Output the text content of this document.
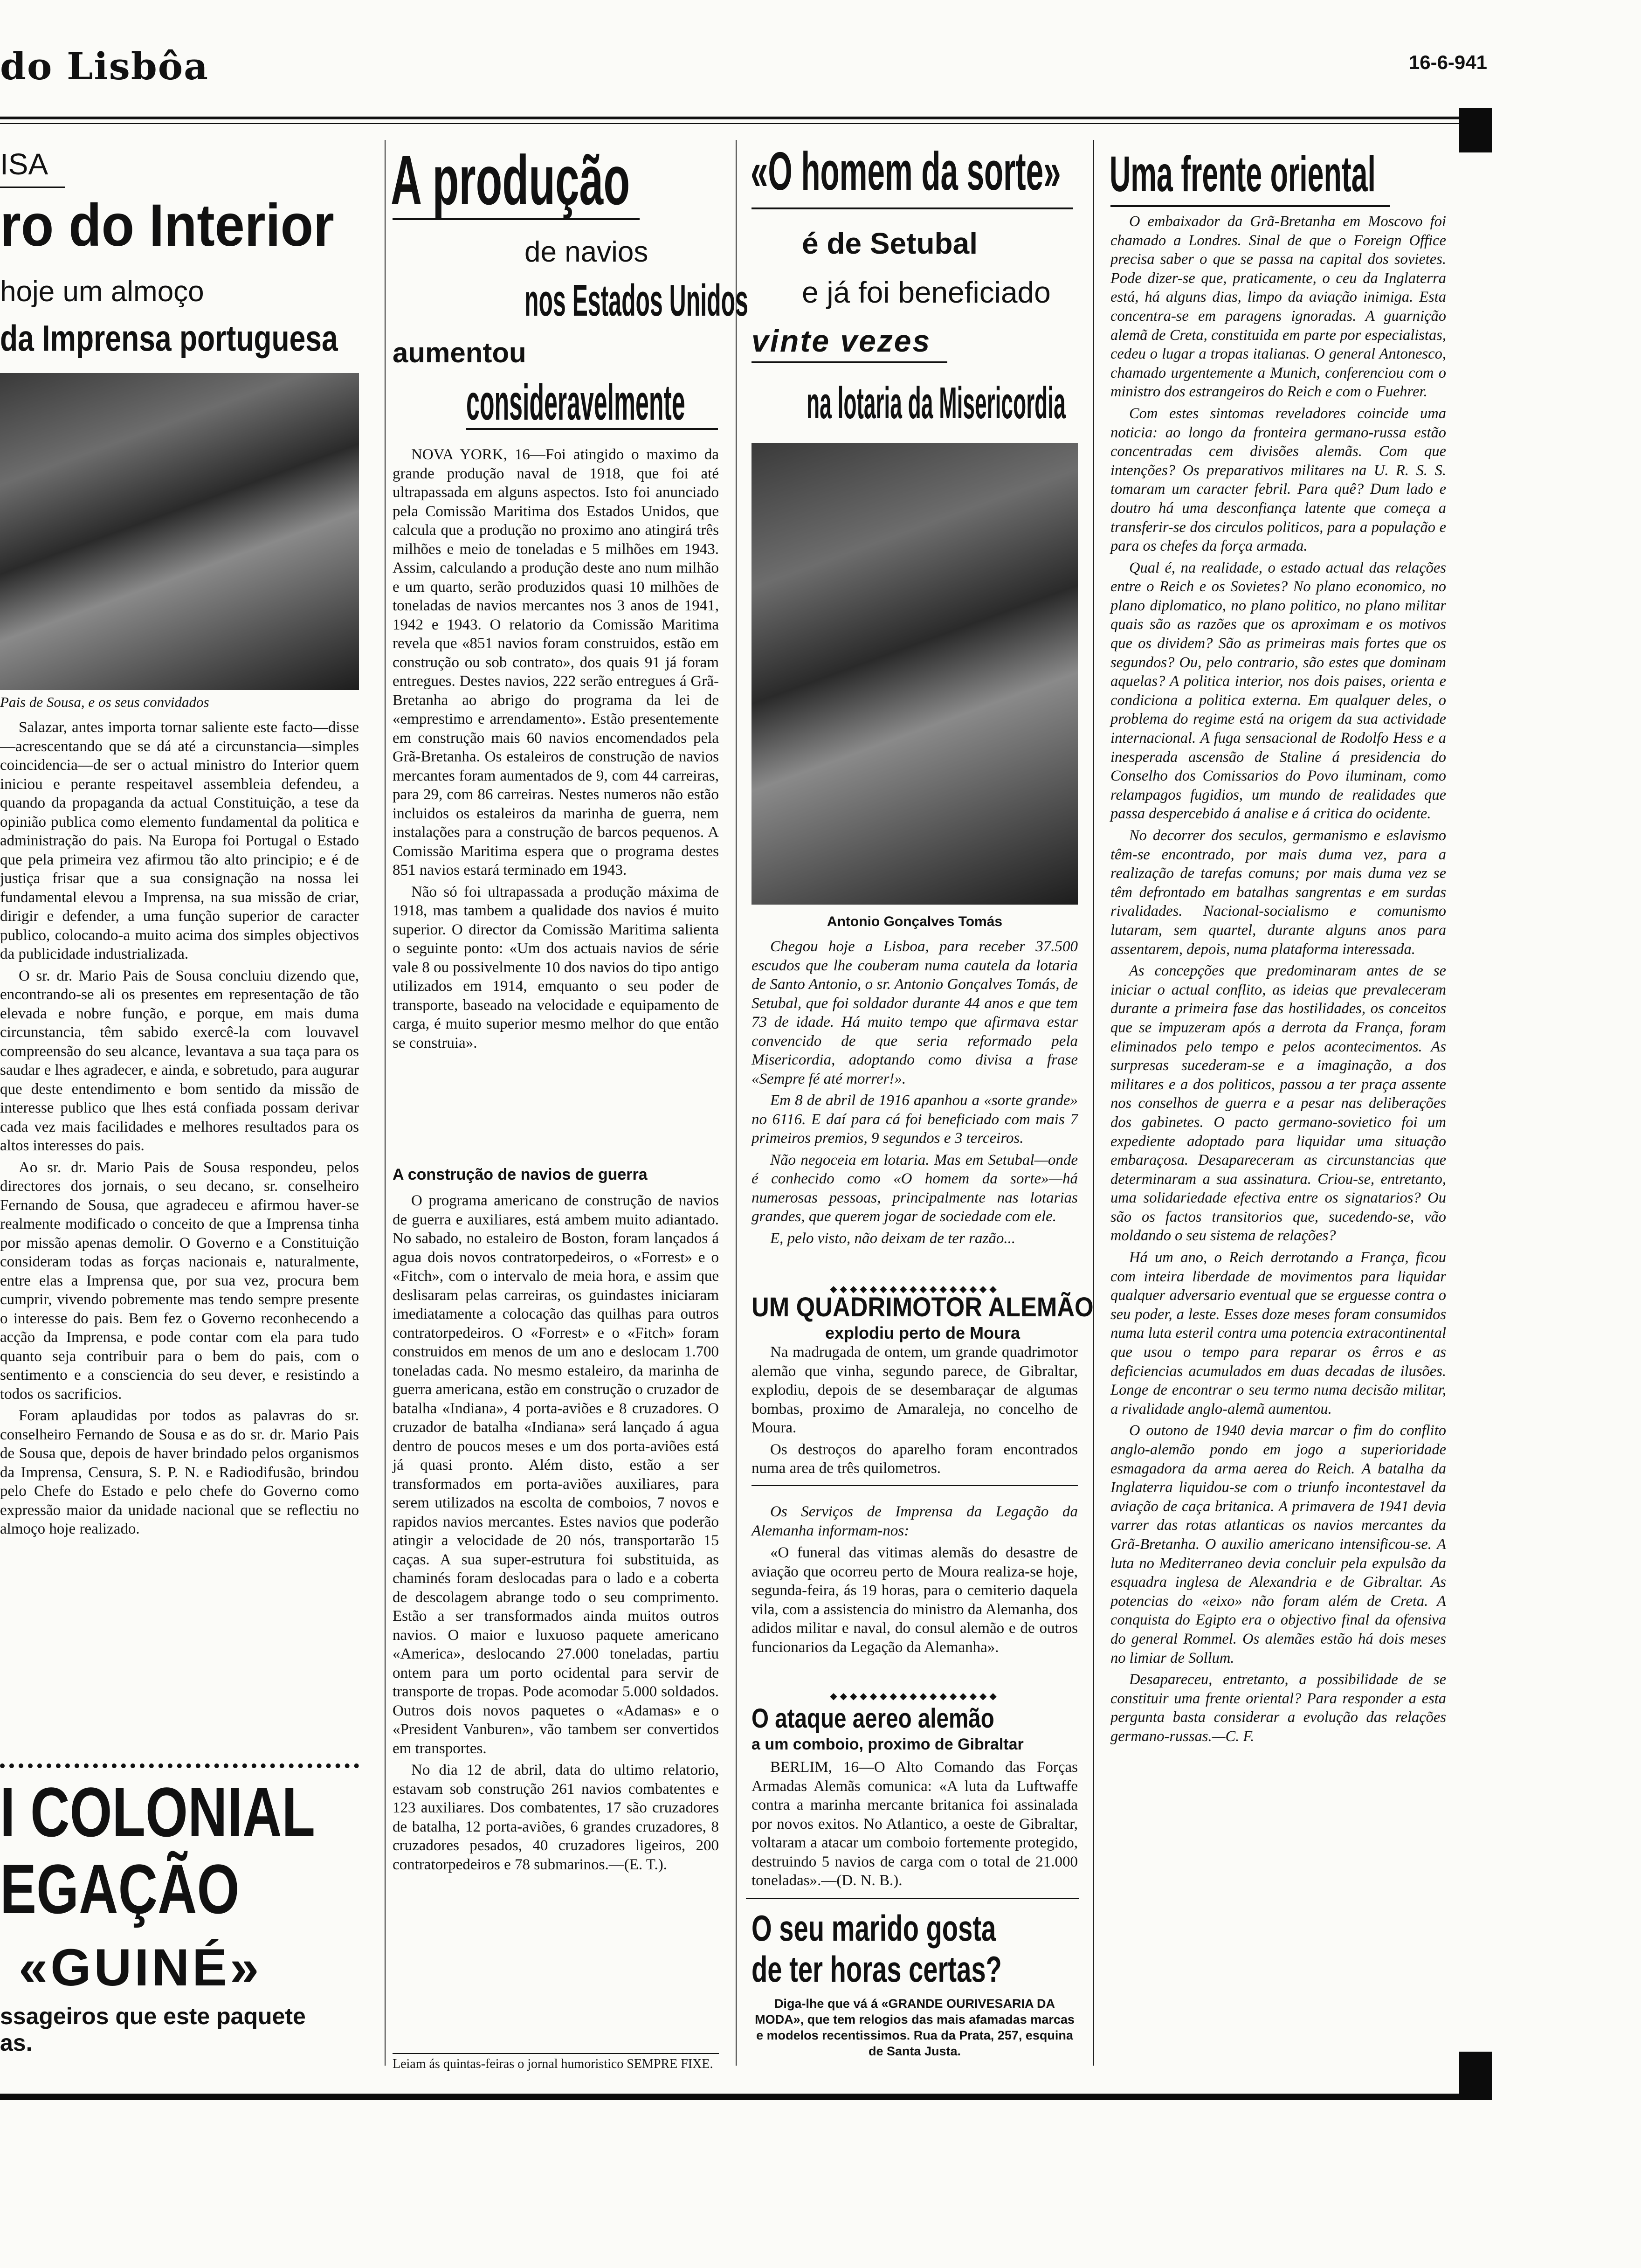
do Lisbôa	16-6-941
ISA
ro do Interior
hoje um almoço
da Imprensa portuguesa
Pais de Sousa, e os seus convidados

Salazar, antes importa tornar saliente este facto—disse—acrescentando que se dá até a circunstancia—simples coincidencia—de ser o actual ministro do Interior quem iniciou e perante respeitavel assembleia defendeu, a quando da propaganda da actual Constituição, a tese da opinião publica como elemento fundamental da politica e administração do pais. Na Europa foi Portugal o Estado que pela primeira vez afirmou tão alto principio; e é de justiça frisar que a sua consignação na nossa lei fundamental elevou a Imprensa, na sua missão de criar, dirigir e defender, a uma função superior de caracter publico, colocando-a muito acima dos simples objectivos da publicidade industrializada.

O sr. dr. Mario Pais de Sousa concluiu dizendo que, encontrando-se ali os presentes em representação de tão elevada e nobre função, e porque, em mais duma circunstancia, têm sabido exercê-la com louvavel compreensão do seu alcance, levantava a sua taça para os saudar e lhes agradecer, e ainda, e sobretudo, para augurar que deste entendimento e bom sentido da missão de interesse publico que lhes está confiada possam derivar cada vez mais facilidades e melhores resultados para os altos interesses do pais.

Ao sr. dr. Mario Pais de Sousa respondeu, pelos directores dos jornais, o seu decano, sr. conselheiro Fernando de Sousa, que agradeceu e afirmou haver-se realmente modificado o conceito de que a Imprensa tinha por missão apenas demolir. O Governo e a Constituição consideram todas as forças nacionais e, naturalmente, entre elas a Imprensa que, por sua vez, procura bem cumprir, vivendo pobremente mas tendo sempre presente o interesse do pais. Bem fez o Governo reconhecendo a acção da Imprensa, e pode contar com ela para tudo quanto seja contribuir para o bem do pais, com o sentimento e a consciencia do seu dever, e resistindo a todos os sacrificios.

Foram aplaudidas por todos as palavras do sr. conselheiro Fernando de Sousa e as do sr. dr. Mario Pais de Sousa que, depois de haver brindado pelos organismos da Imprensa, Censura, S. P. N. e Radiodifusão, brindou pelo Chefe do Estado e pelo chefe do Governo como expressão maior da unidade nacional que se reflectiu no almoço hoje realizado.

I COLONIAL
EGAÇÃO
«GUINÉ»
ssageiros que este paquete
as.
A produção
de navios
nos Estados Unidos
aumentou
consideravelmente

NOVA YORK, 16—Foi atingido o maximo da grande produção naval de 1918, que foi até ultrapassada em alguns aspectos. Isto foi anunciado pela Comissão Maritima dos Estados Unidos, que calcula que a produção no proximo ano atingirá três milhões e meio de toneladas e 5 milhões em 1943. Assim, calculando a produção deste ano num milhão e um quarto, serão produzidos quasi 10 milhões de toneladas de navios mercantes nos 3 anos de 1941, 1942 e 1943. O relatorio da Comissão Maritima revela que «851 navios foram construidos, estão em construção ou sob contrato», dos quais 91 já foram entregues. Destes navios, 222 serão entregues á Grã-Bretanha ao abrigo do programa da lei de «emprestimo e arrendamento». Estão presentemente em construção mais 60 navios encomendados pela Grã-Bretanha. Os estaleiros de construção de navios mercantes foram aumentados de 9, com 44 carreiras, para 29, com 86 carreiras. Nestes numeros não estão incluidos os estaleiros da marinha de guerra, nem instalações para a construção de barcos pequenos. A Comissão Maritima espera que o programa destes 851 navios estará terminado em 1943.

Não só foi ultrapassada a produção máxima de 1918, mas tambem a qualidade dos navios é muito superior. O director da Comissão Maritima salienta o seguinte ponto: «Um dos actuais navios de série vale 8 ou possivelmente 10 dos navios do tipo antigo utilizados em 1914, emquanto o seu poder de transporte, baseado na velocidade e equipamento de carga, é muito superior mesmo melhor do que então se construia».

A construção de navios de guerra

O programa americano de construção de navios de guerra e auxiliares, está ambem muito adiantado. No sabado, no estaleiro de Boston, foram lançados á agua dois novos contratorpedeiros, o «Forrest» e o «Fitch», com o intervalo de meia hora, e assim que deslisaram pelas carreiras, os guindastes iniciaram imediatamente a colocação das quilhas para outros contratorpedeiros. O «Forrest» e o «Fitch» foram construidos em menos de um ano e deslocam 1.700 toneladas cada. No mesmo estaleiro, da marinha de guerra americana, estão em construção o cruzador de batalha «Indiana», 4 porta-aviões e 8 cruzadores. O cruzador de batalha «Indiana» será lançado á agua dentro de poucos meses e um dos porta-aviões está já quasi pronto. Além disto, estão a ser transformados em porta-aviões auxiliares, para serem utilizados na escolta de comboios, 7 novos e rapidos navios mercantes. Estes navios que poderão atingir a velocidade de 20 nós, transportarão 15 caças. A sua super-estrutura foi substituida, as chaminés foram deslocadas para o lado e a coberta de descolagem abrange todo o seu comprimento. Estão a ser transformados ainda muitos outros navios. O maior e luxuoso paquete americano «America», deslocando 27.000 toneladas, partiu ontem para um porto ocidental para servir de transporte de tropas. Pode acomodar 5.000 soldados. Outros dois novos paquetes o «Adamas» e o «President Vanburen», vão tambem ser convertidos em transportes.

No dia 12 de abril, data do ultimo relatorio, estavam sob construção 261 navios combatentes e 123 auxiliares. Dos combatentes, 17 são cruzadores de batalha, 12 porta-aviões, 6 grandes cruzadores, 8 cruzadores pesados, 40 cruzadores ligeiros, 200 contratorpedeiros e 78 submarinos.—(E. T.).

Leiam ás quintas-feiras o jornal humoristico SEMPRE FIXE.
«O homem da sorte»
é de Setubal
e já foi beneficiado
vinte vezes
na lotaria da Misericordia
Antonio Gonçalves Tomás

Chegou hoje a Lisboa, para receber 37.500 escudos que lhe couberam numa cautela da lotaria de Santo Antonio, o sr. Antonio Gonçalves Tomás, de Setubal, que foi soldador durante 44 anos e que tem 73 de idade. Há muito tempo que afirmava estar convencido de que seria reformado pela Misericordia, adoptando como divisa a frase «Sempre fé até morrer!».

Em 8 de abril de 1916 apanhou a «sorte grande» no 6116. E daí para cá foi beneficiado com mais 7 primeiros premios, 9 segundos e 3 terceiros.

Não negoceia em lotaria. Mas em Setubal—onde é conhecido como «O homem da sorte»—há numerosas pessoas, principalmente nas lotarias grandes, que querem jogar de sociedade com ele.

E, pelo visto, não deixam de ter razão...

◆◆◆◆◆◆◆◆◆◆◆◆◆◆◆◆◆
UM QUADRIMOTOR ALEMÃO
explodiu perto de Moura

Na madrugada de ontem, um grande quadrimotor alemão que vinha, segundo parece, de Gibraltar, explodiu, depois de se desembaraçar de algumas bombas, proximo de Amaraleja, no concelho de Moura.

Os destroços do aparelho foram encontrados numa area de três quilometros.

Os Serviços de Imprensa da Legação da Alemanha informam-nos:

«O funeral das vitimas alemãs do desastre de aviação que ocorreu perto de Moura realiza-se hoje, segunda-feira, ás 19 horas, para o cemiterio daquela vila, com a assistencia do ministro da Alemanha, dos adidos militar e naval, do consul alemão e de outros funcionarios da Legação da Alemanha».

◆◆◆◆◆◆◆◆◆◆◆◆◆◆◆◆◆
O ataque aereo alemão
a um comboio, proximo de Gibraltar

BERLIM, 16—O Alto Comando das Forças Armadas Alemãs comunica: «A luta da Luftwaffe contra a marinha mercante britanica foi assinalada por novos exitos. No Atlantico, a oeste de Gibraltar, voltaram a atacar um comboio fortemente protegido, destruindo 5 navios de carga com o total de 21.000 toneladas».—(D. N. B.).

O seu marido gosta
de ter horas certas?
Diga-lhe que vá á «GRANDE OURIVESARIA DA MODA», que tem relogios das mais afamadas marcas e modelos recentissimos. Rua da Prata, 257, esquina de Santa Justa.
Uma frente oriental

O embaixador da Grã-Bretanha em Moscovo foi chamado a Londres. Sinal de que o Foreign Office precisa saber o que se passa na capital dos sovietes. Pode dizer-se que, praticamente, o ceu da Inglaterra está, há alguns dias, limpo da aviação inimiga. Esta concentra-se em paragens ignoradas. A guarnição alemã de Creta, constituida em parte por especialistas, cedeu o lugar a tropas italianas. O general Antonesco, chamado urgentemente a Munich, conferenciou com o ministro dos estrangeiros do Reich e com o Fuehrer.

Com estes sintomas reveladores coincide uma noticia: ao longo da fronteira germano-russa estão concentradas cem divisões alemãs. Com que intenções? Os preparativos militares na U. R. S. S. tomaram um caracter febril. Para quê? Dum lado e doutro há uma desconfiança latente que começa a transferir-se dos circulos politicos, para a população e para os chefes da força armada.

Qual é, na realidade, o estado actual das relações entre o Reich e os Sovietes? No plano economico, no plano diplomatico, no plano politico, no plano militar quais são as razões que os aproximam e os motivos que os dividem? São as primeiras mais fortes que os segundos? Ou, pelo contrario, são estes que dominam aquelas? A politica interior, nos dois paises, orienta e condiciona a politica externa. Em qualquer deles, o problema do regime está na origem da sua actividade internacional. A fuga sensacional de Rodolfo Hess e a inesperada ascensão de Staline á presidencia do Conselho dos Comissarios do Povo iluminam, como relampagos fugidios, um mundo de realidades que passa despercebido á analise e á critica do ocidente.

No decorrer dos seculos, germanismo e eslavismo têm-se encontrado, por mais duma vez, para a realização de tarefas comuns; por mais duma vez se têm defrontado em batalhas sangrentas e em surdas rivalidades. Nacional-socialismo e comunismo lutaram, sem quartel, durante alguns anos para assentarem, depois, numa plataforma interessada.

As concepções que predominaram antes de se iniciar o actual conflito, as ideias que prevaleceram durante a primeira fase das hostilidades, os conceitos que se impuzeram após a derrota da França, foram eliminados pelo tempo e pelos acontecimentos. As surpresas sucederam-se e a imaginação, a dos militares e a dos politicos, passou a ter praça assente nos conselhos de guerra e a pesar nas deliberações dos gabinetes. O pacto germano-sovietico foi um expediente adoptado para liquidar uma situação embaraçosa. Desapareceram as circunstancias que determinaram a sua assinatura. Criou-se, entretanto, uma solidariedade efectiva entre os signatarios? Ou são os factos transitorios que, sucedendo-se, vão moldando o seu sistema de relações?

Há um ano, o Reich derrotando a França, ficou com inteira liberdade de movimentos para liquidar qualquer adversario eventual que se erguesse contra o seu poder, a leste. Esses doze meses foram consumidos numa luta esteril contra uma potencia extracontinental que usou o tempo para reparar os êrros e as deficiencias acumulados em duas decadas de ilusões. Longe de encontrar o seu termo numa decisão militar, a rivalidade anglo-alemã aumentou.

O outono de 1940 devia marcar o fim do conflito anglo-alemão pondo em jogo a superioridade esmagadora da arma aerea do Reich. A batalha da Inglaterra liquidou-se com o triunfo incontestavel da aviação de caça britanica. A primavera de 1941 devia varrer das rotas atlanticas os navios mercantes da Grã-Bretanha. O auxilio americano intensificou-se. A luta no Mediterraneo devia concluir pela expulsão da esquadra inglesa de Alexandria e de Gibraltar. As potencias do «eixo» não foram além de Creta. A conquista do Egipto era o objectivo final da ofensiva do general Rommel. Os alemães estão há dois meses no limiar de Sollum.

Desapareceu, entretanto, a possibilidade de se constituir uma frente oriental? Para responder a esta pergunta basta considerar a evolução das relações germano-russas.—C. F.
